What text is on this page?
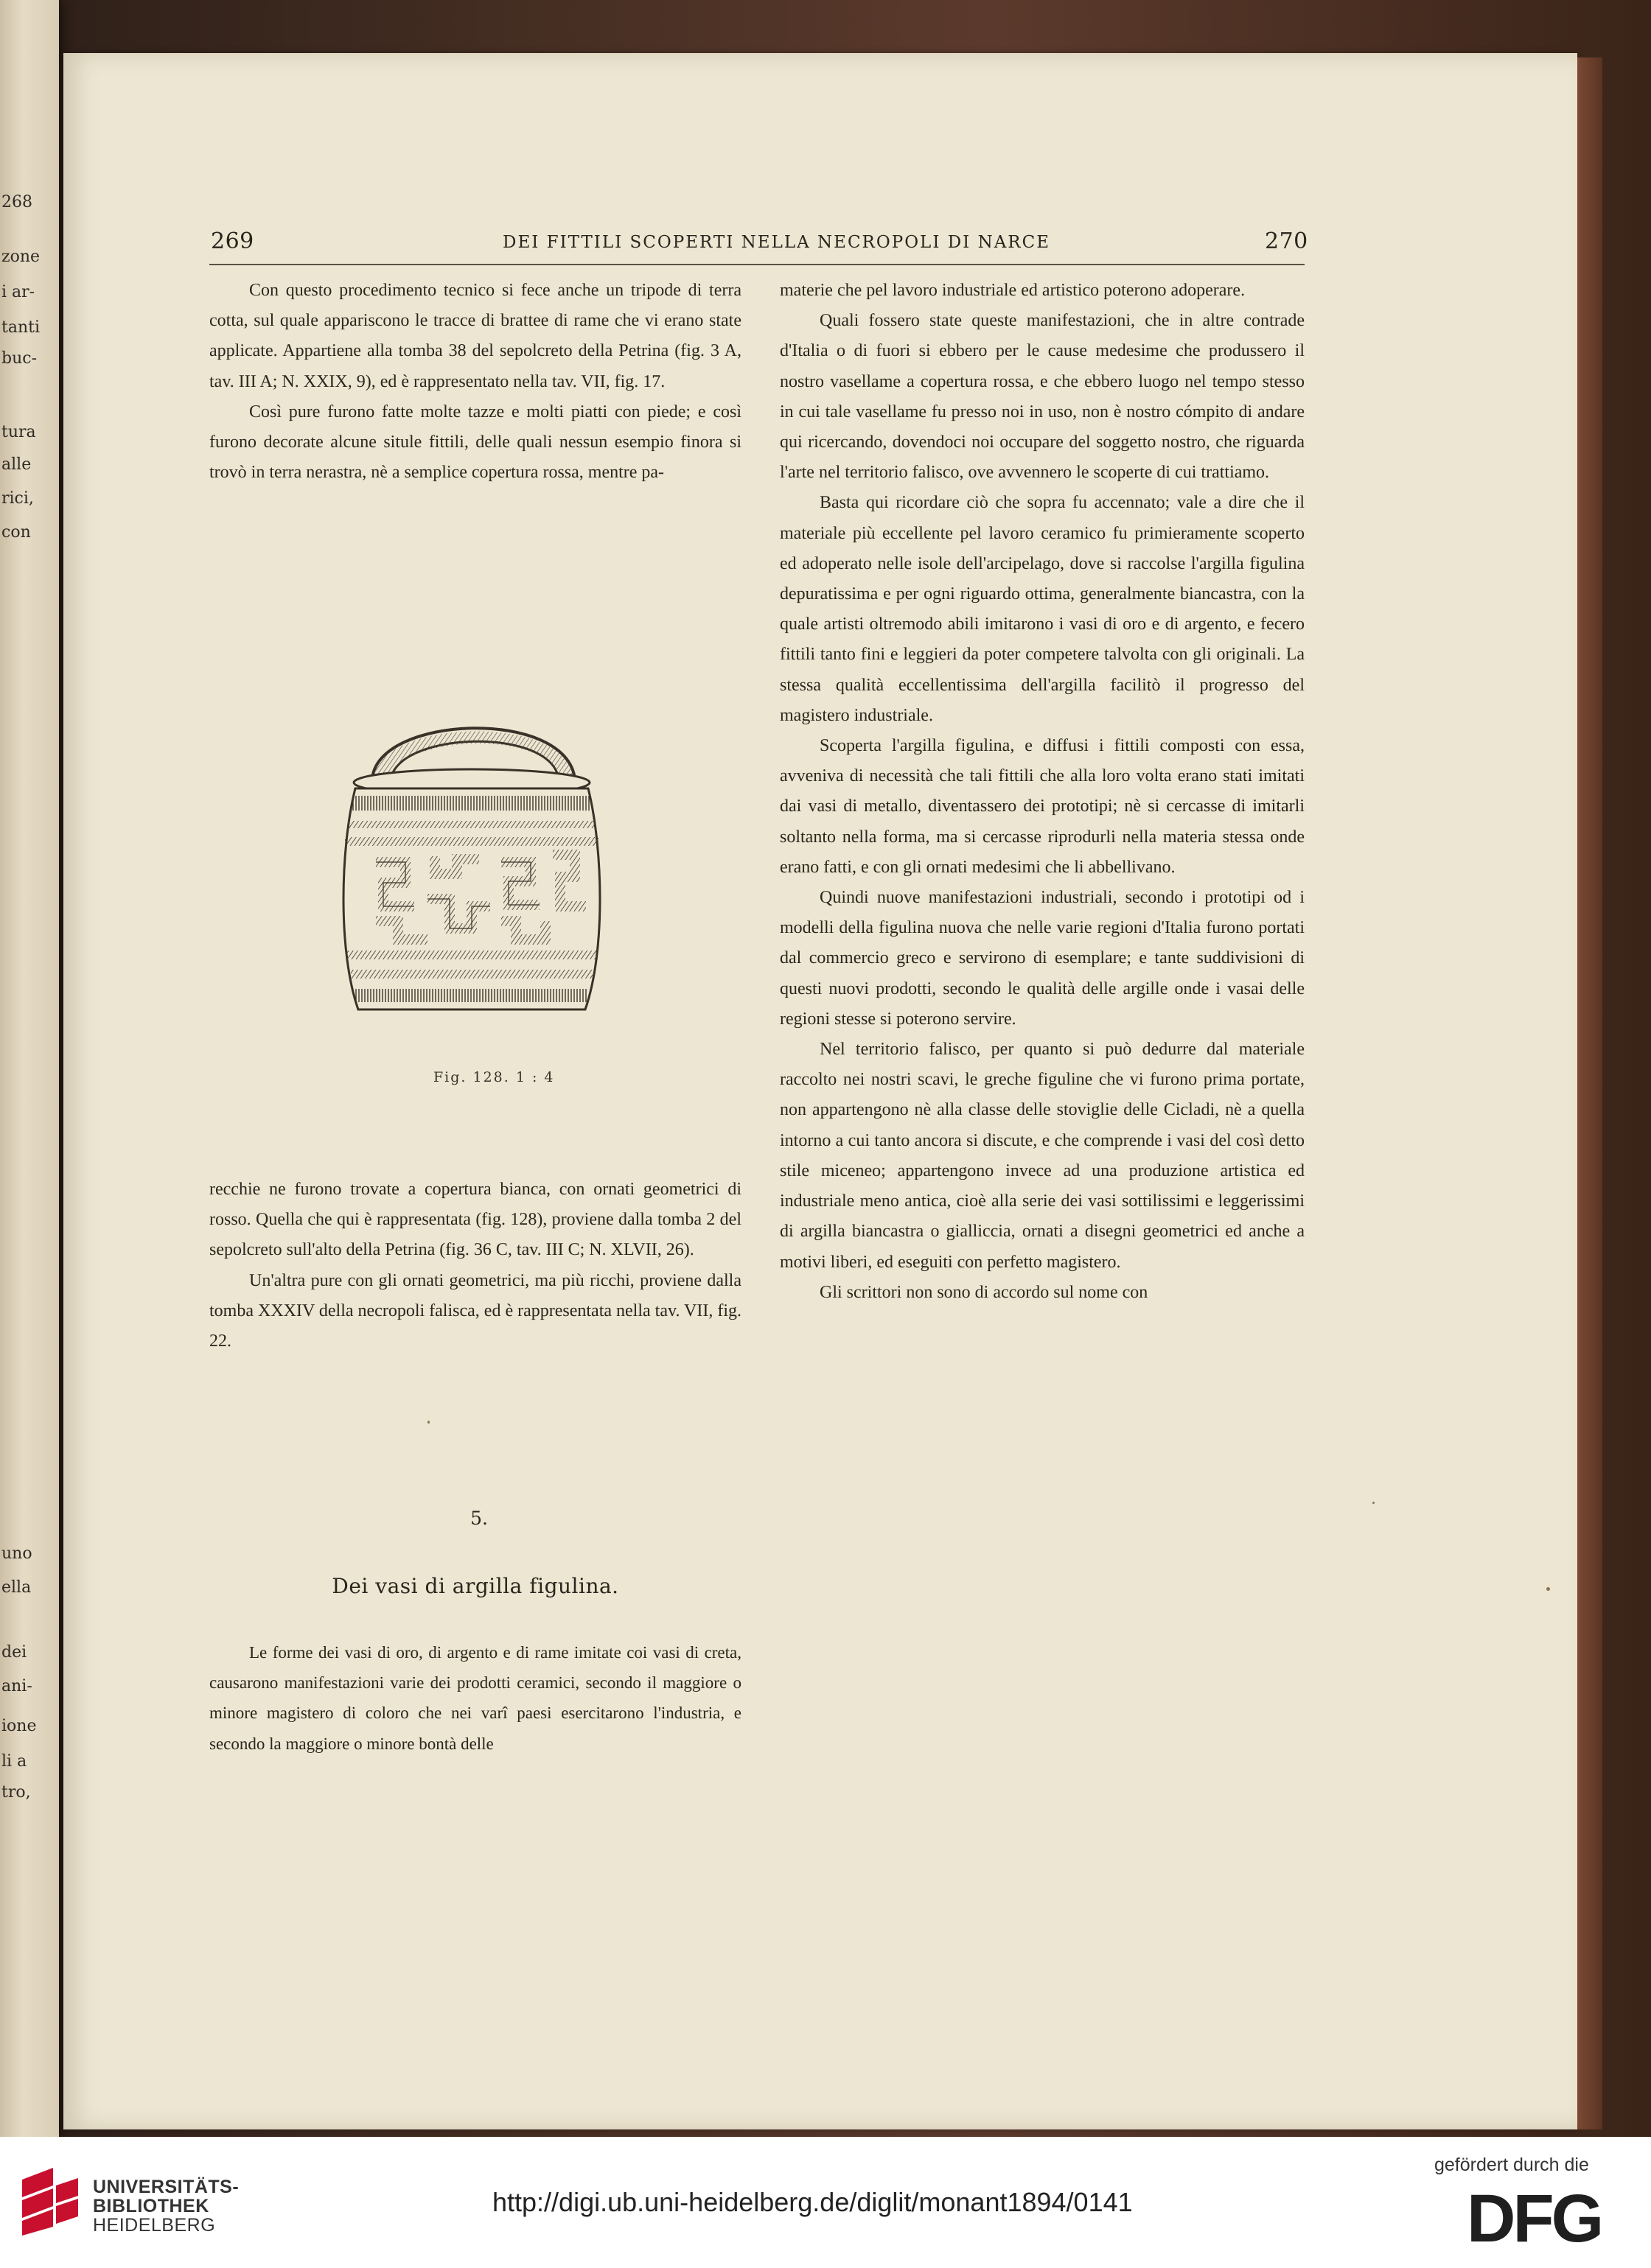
268
zone
i ar-
tanti
buc-
tura
alle
rici,
con
uno
ella
dei
ani-
ione
li a
tro,
269	DEI FITTILI SCOPERTI NELLA NECROPOLI DI NARCE	270

Con questo procedimento tecnico si fece anche un tripode di terra cotta, sul quale appariscono le tracce di brattee di rame che vi erano state applicate. Appartiene alla tomba 38 del sepolcreto della Petrina (fig. 3 A, tav. III A; N. XXIX, 9), ed è rappresentato nella tav. VII, fig. 17.

Così pure furono fatte molte tazze e molti piatti con piede; e così furono decorate alcune situle fittili, delle quali nessun esempio finora si trovò in terra nerastra, nè a semplice copertura rossa, mentre pa-

Fig. 128. 1 : 4

recchie ne furono trovate a copertura bianca, con ornati geometrici di rosso. Quella che qui è rappresentata (fig. 128), proviene dalla tomba 2 del sepolcreto sull'alto della Petrina (fig. 36 C, tav. III C; N. XLVII, 26).

Un'altra pure con gli ornati geometrici, ma più ricchi, proviene dalla tomba XXXIV della necropoli falisca, ed è rappresentata nella tav. VII, fig. 22.

5.
Dei vasi di argilla figulina.

Le forme dei vasi di oro, di argento e di rame imitate coi vasi di creta, causarono manifestazioni varie dei prodotti ceramici, secondo il maggiore o minore magistero di coloro che nei varî paesi esercitarono l'industria, e secondo la maggiore o minore bontà delle

materie che pel lavoro industriale ed artistico poterono adoperare.

Quali fossero state queste manifestazioni, che in altre contrade d'Italia o di fuori si ebbero per le cause medesime che produssero il nostro vasellame a copertura rossa, e che ebbero luogo nel tempo stesso in cui tale vasellame fu presso noi in uso, non è nostro cómpito di andare qui ricercando, dovendoci noi occupare del soggetto nostro, che riguarda l'arte nel territorio falisco, ove avvennero le scoperte di cui trattiamo.

Basta qui ricordare ciò che sopra fu accennato; vale a dire che il materiale più eccellente pel lavoro ceramico fu primieramente scoperto ed adoperato nelle isole dell'arcipelago, dove si raccolse l'argilla figulina depuratissima e per ogni riguardo ottima, generalmente biancastra, con la quale artisti oltremodo abili imitarono i vasi di oro e di argento, e fecero fittili tanto fini e leggieri da poter competere talvolta con gli originali. La stessa qualità eccellentissima dell'argilla facilitò il progresso del magistero industriale.

Scoperta l'argilla figulina, e diffusi i fittili composti con essa, avveniva di necessità che tali fittili che alla loro volta erano stati imitati dai vasi di metallo, diventassero dei prototipi; nè si cercasse di imitarli soltanto nella forma, ma si cercasse riprodurli nella materia stessa onde erano fatti, e con gli ornati medesimi che li abbellivano.

Quindi nuove manifestazioni industriali, secondo i prototipi od i modelli della figulina nuova che nelle varie regioni d'Italia furono portati dal commercio greco e servirono di esemplare; e tante suddivisioni di questi nuovi prodotti, secondo le qualità delle argille onde i vasai delle regioni stesse si poterono servire.

Nel territorio falisco, per quanto si può dedurre dal materiale raccolto nei nostri scavi, le greche figuline che vi furono prima portate, non appartengono nè alla classe delle stoviglie delle Cicladi, nè a quella intorno a cui tanto ancora si discute, e che comprende i vasi del così detto stile miceneo; appartengono invece ad una produzione artistica ed industriale meno antica, cioè alla serie dei vasi sottilissimi e leggerissimi di argilla biancastra o gialliccia, ornati a disegni geometrici ed anche a motivi liberi, ed eseguiti con perfetto magistero.

Gli scrittori non sono di accordo sul nome con

UNIVERSITÄTS-
BIBLIOTHEK
HEIDELBERG
http://digi.ub.uni-heidelberg.de/diglit/monant1894/0141
gefördert durch die
DFG
